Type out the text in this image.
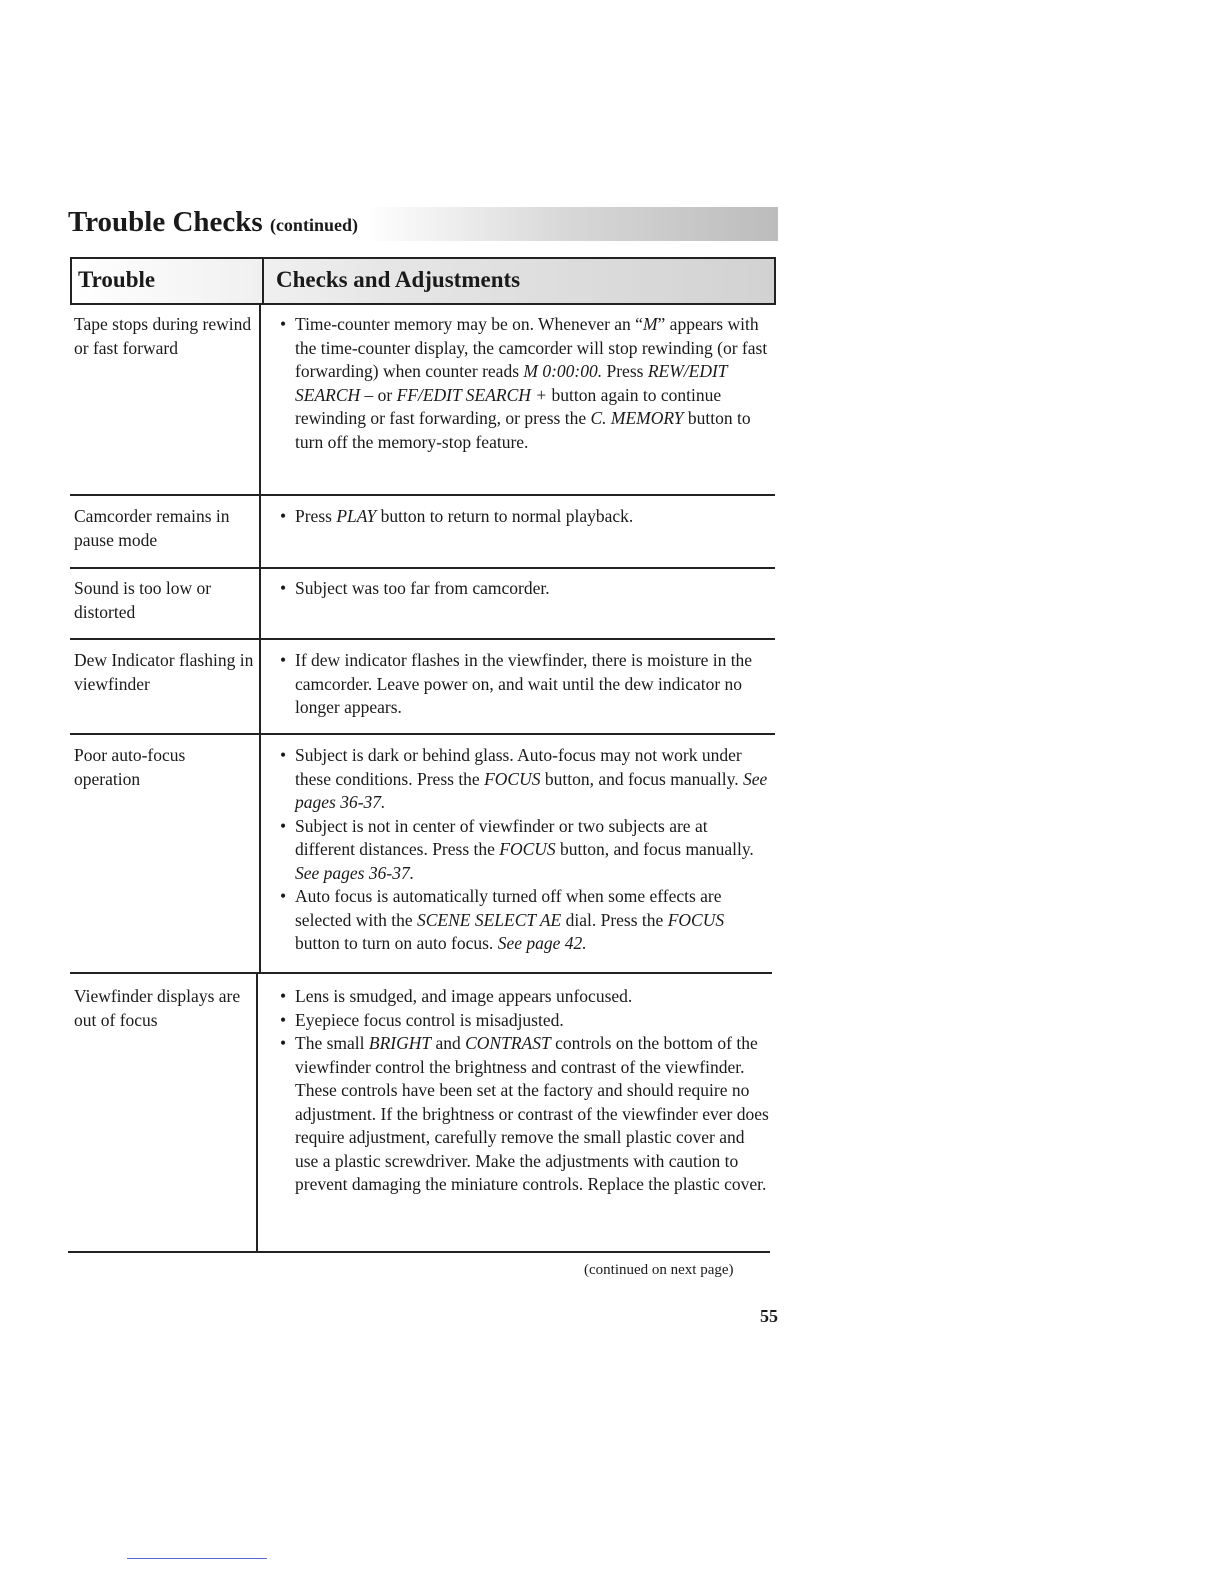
Trouble Checks (continued)
Trouble	Checks and Adjustments
Tape stops during rewind or fast forward
• Time-counter memory may be on. Whenever an “M” appears with the time-counter display, the camcorder will stop rewinding (or fast forwarding) when counter reads M 0:00:00. Press REW/EDIT SEARCH – or FF/EDIT SEARCH + button again to continue rewinding or fast forwarding, or press the C. MEMORY button to turn off the memory-stop feature.
Camcorder remains in pause mode
• Press PLAY button to return to normal playback.
Sound is too low or distorted
• Subject was too far from camcorder.
Dew Indicator flashing in viewfinder
• If dew indicator flashes in the viewfinder, there is moisture in the camcorder. Leave power on, and wait until the dew indicator no longer appears.
Poor auto-focus operation
• Subject is dark or behind glass. Auto-focus may not work under these conditions. Press the FOCUS button, and focus manually. See pages 36-37.
• Subject is not in center of viewfinder or two subjects are at different distances. Press the FOCUS button, and focus manually. See pages 36-37.
• Auto focus is automatically turned off when some effects are selected with the SCENE SELECT AE dial. Press the FOCUS button to turn on auto focus. See page 42.
Viewfinder displays are out of focus
• Lens is smudged, and image appears unfocused.
• Eyepiece focus control is misadjusted.
• The small BRIGHT and CONTRAST controls on the bottom of the viewfinder control the brightness and contrast of the viewfinder. These controls have been set at the factory and should require no adjustment. If the brightness or contrast of the viewfinder ever does require adjustment, carefully remove the small plastic cover and use a plastic screwdriver. Make the adjustments with caution to prevent damaging the miniature controls. Replace the plastic cover.
(continued on next page)
55
